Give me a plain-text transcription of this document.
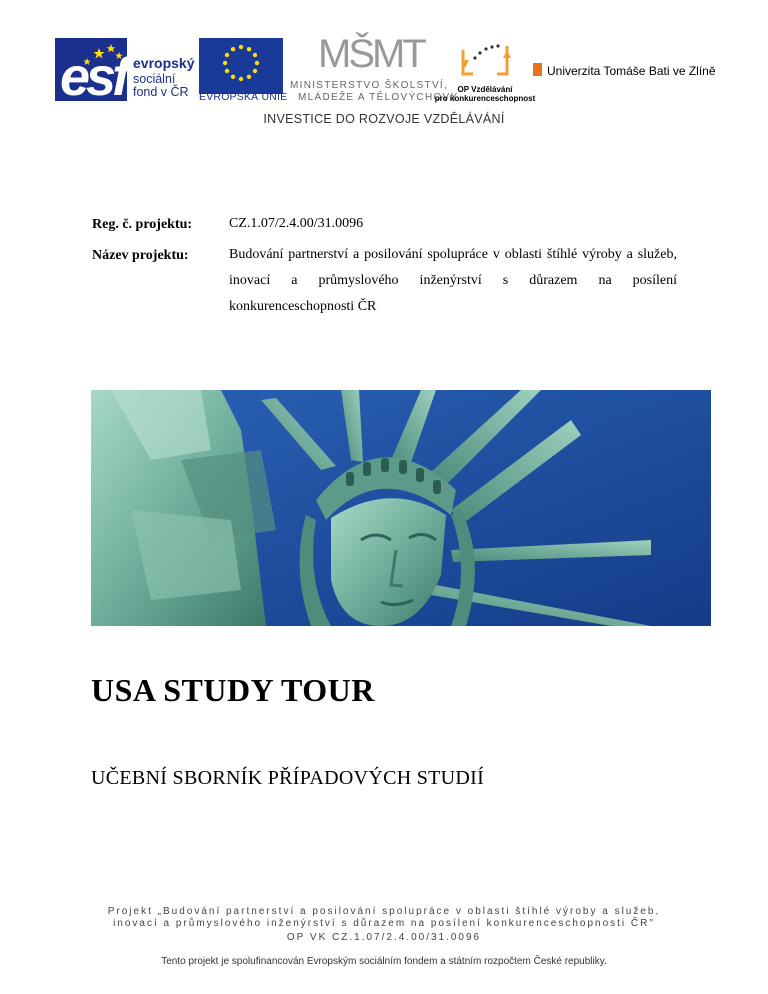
esf evropský
sociální
fond v ČR EVROPSKÁ UNIE
MŠMT
MINISTERSTVO ŠKOLSTVÍ,
MLÁDEŽE A TĚLOVÝCHOVY
OP Vzdělávání
pro konkurenceschopnost
Univerzita Tomáše Bati ve Zlíně
INVESTICE DO ROZVOJE VZDĚLÁVÁNÍ
Reg. č. projektu:	CZ.1.07/2.4.00/31.0096
Název projektu:	Budování partnerství a posilování spolupráce v oblasti štíhlé výroby a služeb, inovací a průmyslového inženýrství s důrazem na posílení konkurenceschopnosti ČR
USA STUDY TOUR
UČEBNÍ SBORNÍK PŘÍPADOVÝCH STUDIÍ
Projekt „Budování partnerství a posilování spolupráce v oblasti štíhlé výroby a služeb, inovací a průmyslového inženýrství s důrazem na posílení konkurenceschopnosti ČR"
OP VK CZ.1.07/2.4.00/31.0096
Tento projekt je spolufinancován Evropským sociálním fondem a státním rozpočtem České republiky.
